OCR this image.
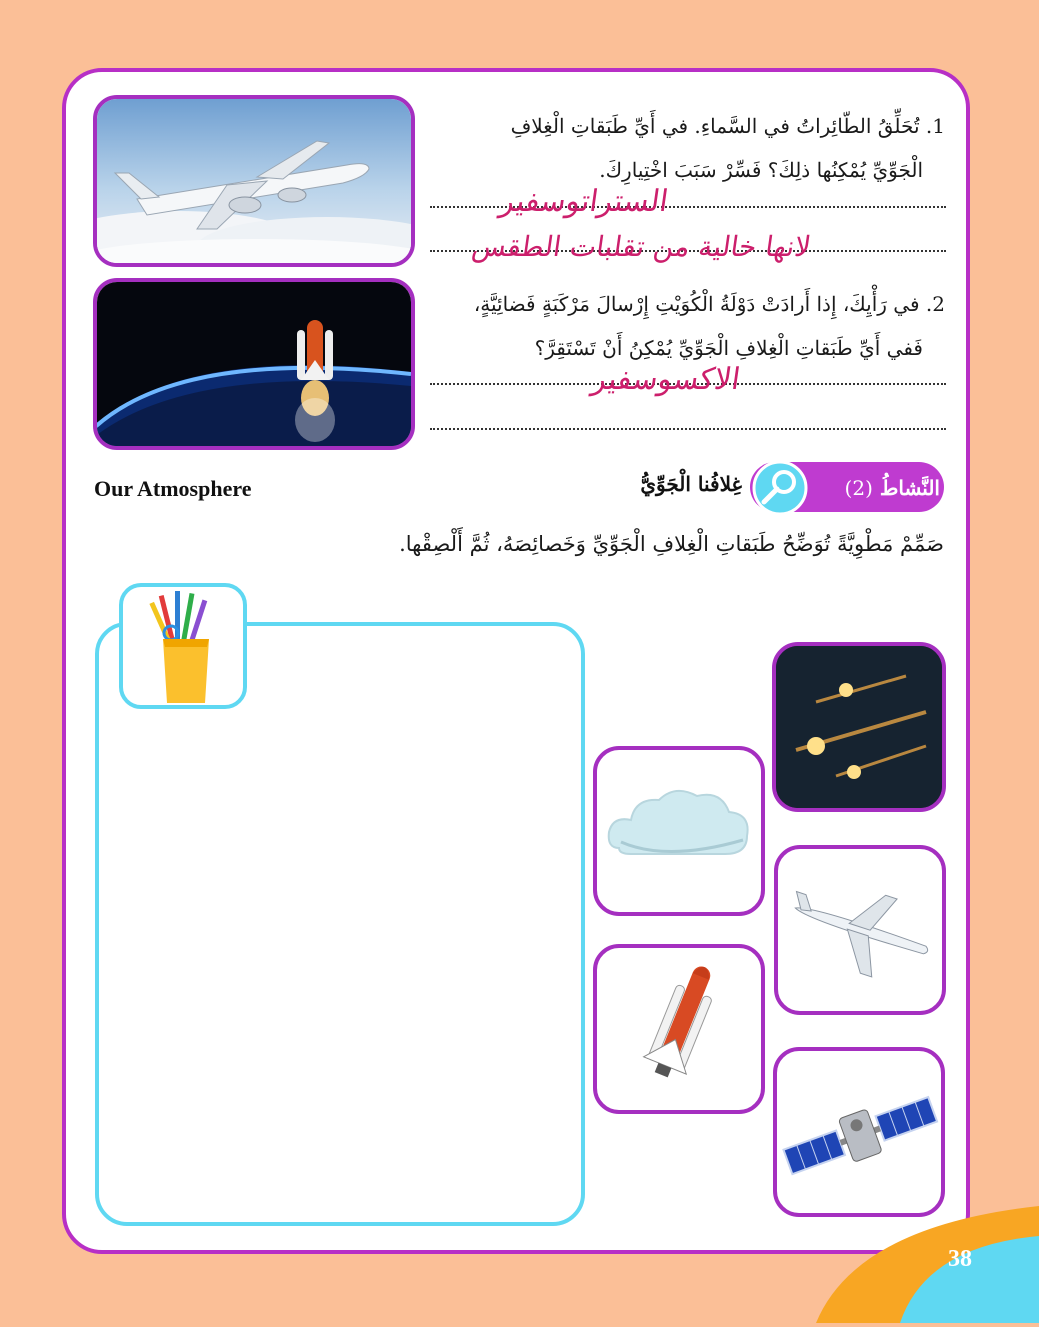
1. تُحَلِّقُ الطّائِراتُ في السَّماءِ. في أَيِّ طَبَقاتِ الْغِلافِ
الْجَوِّيِّ يُمْكِنُها ذلِكَ؟ فَسِّرْ سَبَبَ اخْتِيارِكَ.
الستراتوسفير
لانها خالية من تقلبات الطقس
2. في رَأْيِكَ، إِذا أَرادَتْ دَوْلَةُ الْكُوَيْتِ إِرْسالَ مَرْكَبَةٍ فَضائِيَّةٍ،
فَفي أَيِّ طَبَقاتِ الْغِلافِ الْجَوِّيِّ يُمْكِنُ أَنْ تَسْتَقِرَّ؟
الاكسوسفير
النَّشاطُ (2)
غِلافُنا الْجَوِّيُّ
Our Atmosphere
صَمِّمْ مَطْوِيَّةً تُوَضِّحُ طَبَقاتِ الْغِلافِ الْجَوِّيِّ وَخَصائِصَهُ، ثُمَّ أَلْصِقْها.
38
